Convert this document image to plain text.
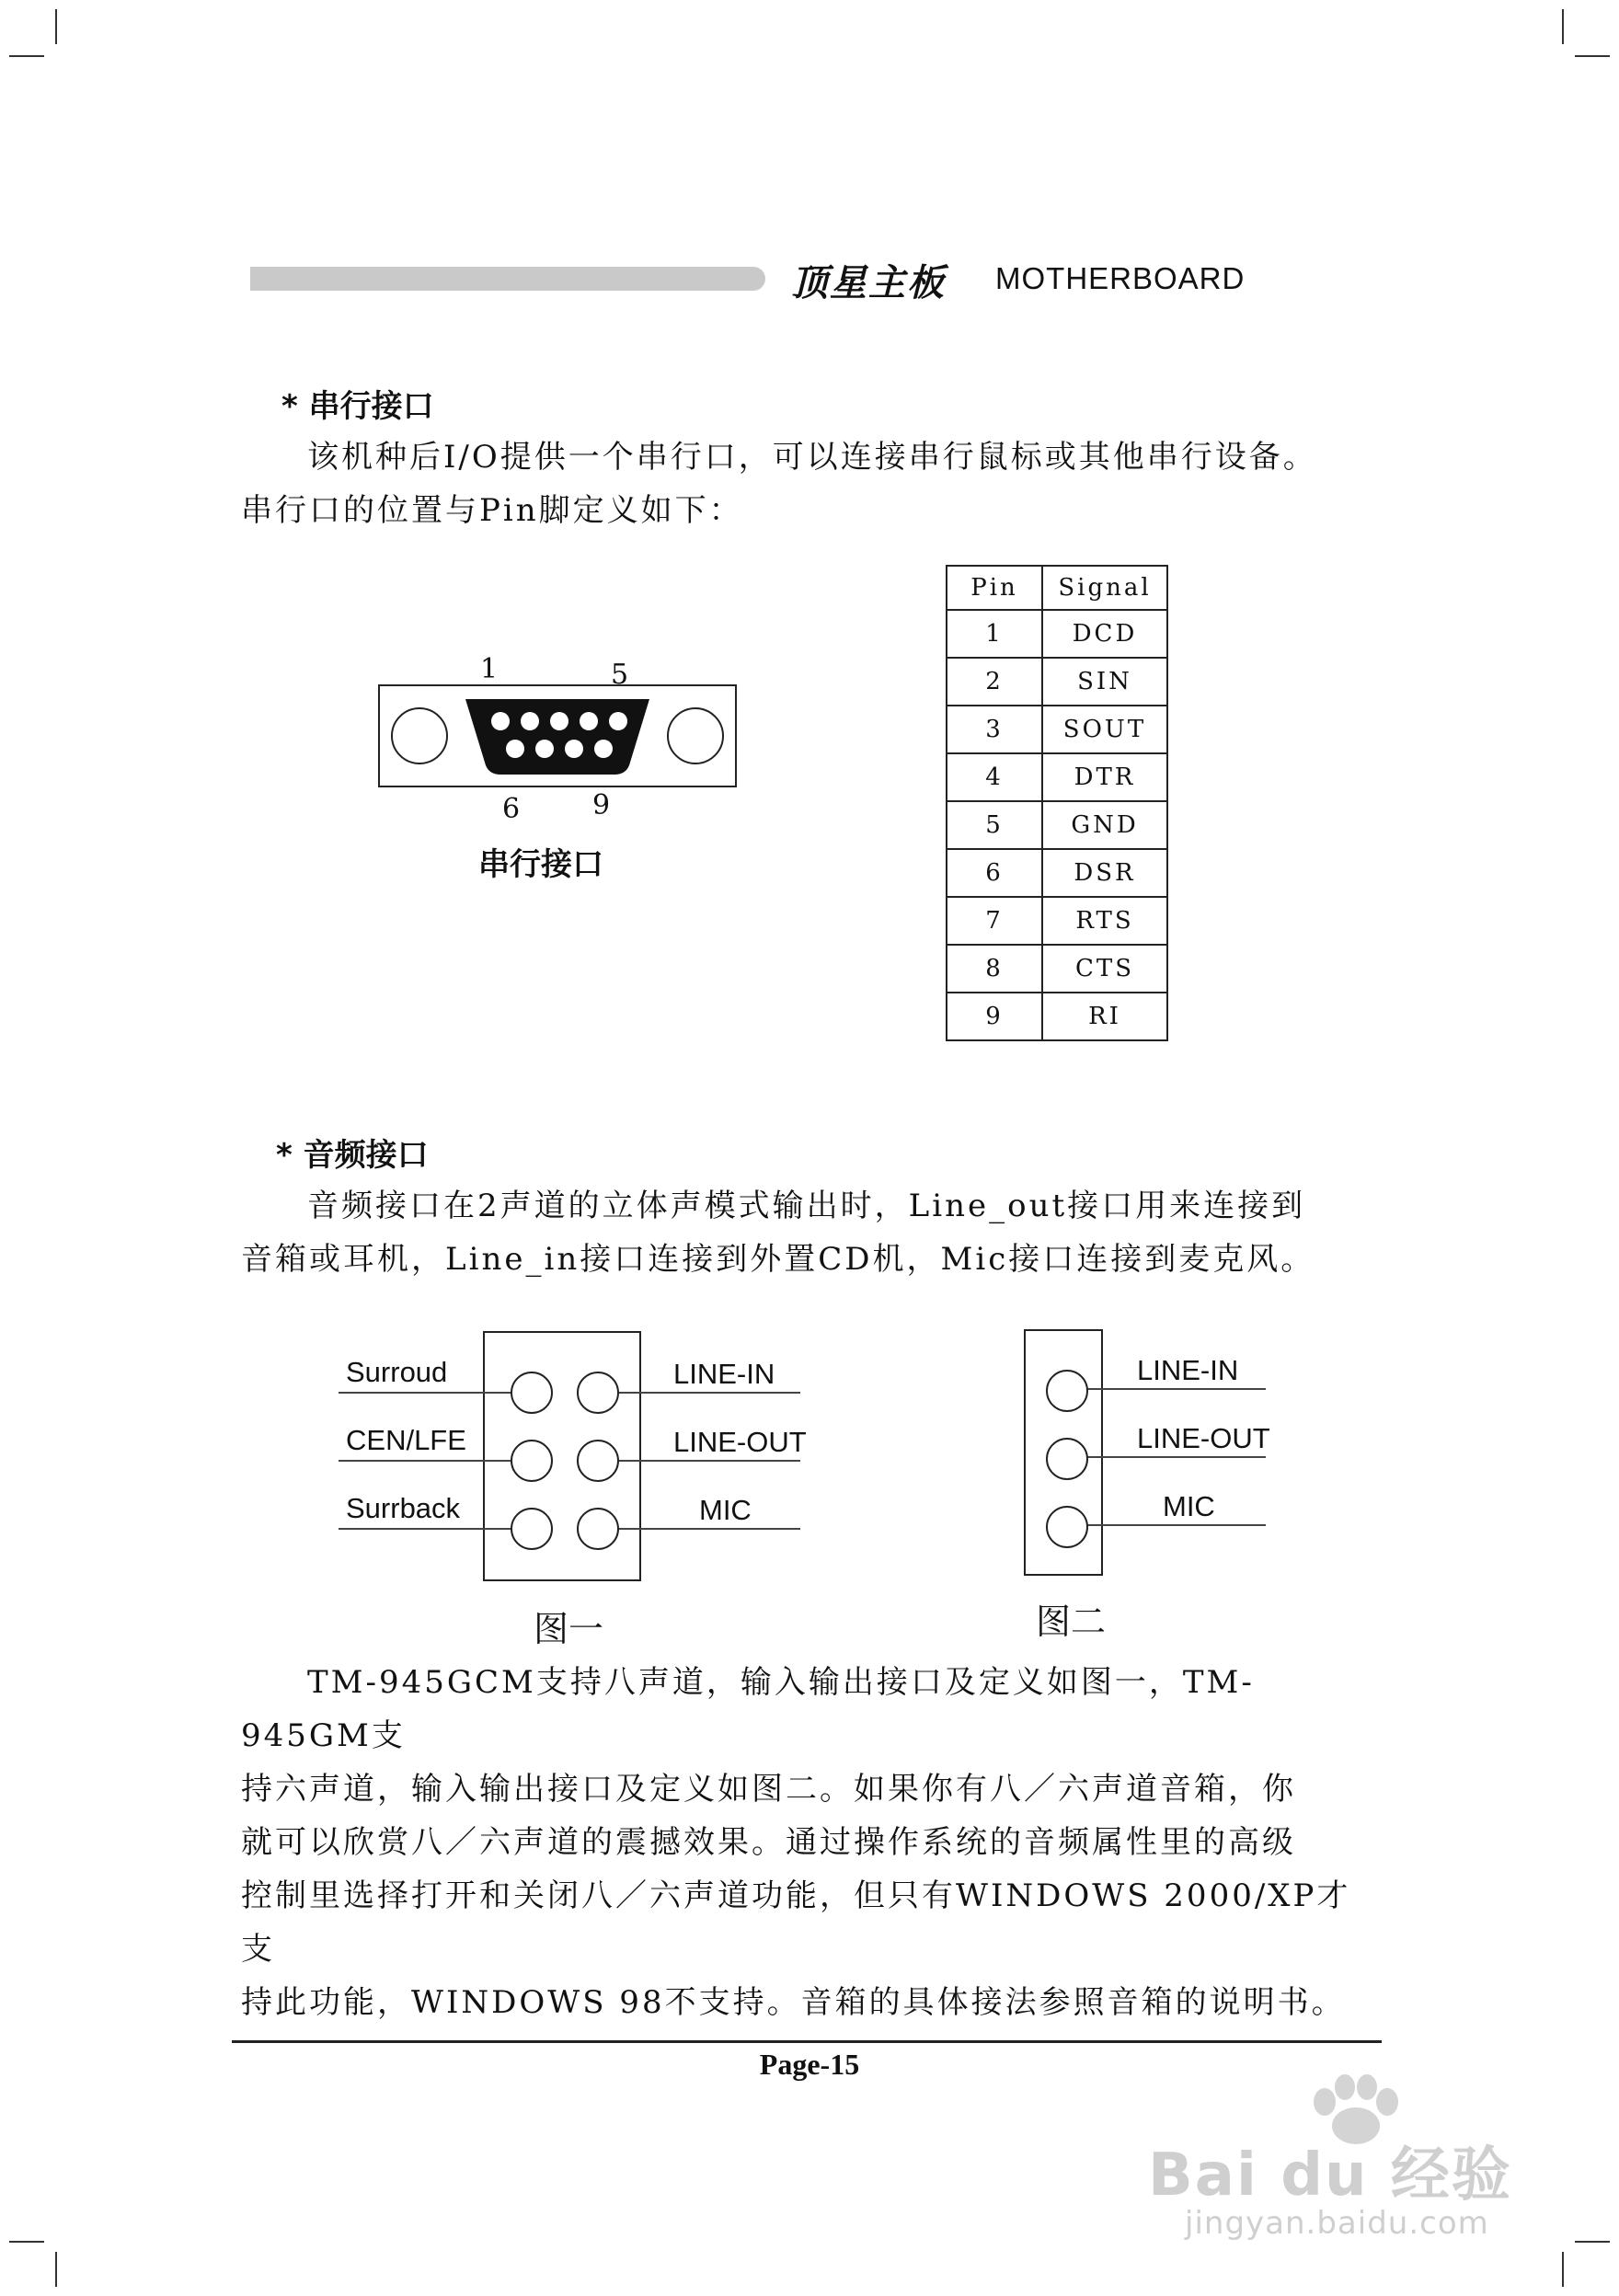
顶星主板 MOTHERBOARD
* 串行接口

该机种后I/O提供一个串行口，可以连接串行鼠标或其他串行设备。
串行口的位置与Pin脚定义如下：

1	5
6	9
串行接口
Pin	Signal
1	DCD
2	SIN
3	SOUT
4	DTR
5	GND
6	DSR
7	RTS
8	CTS
9	RI
* 音频接口

音频接口在2声道的立体声模式输出时，Line_out接口用来连接到
音箱或耳机，Line_in接口连接到外置CD机，Mic接口连接到麦克风。

Surroud
CEN/LFE
Surrback
LINE-IN
LINE-OUT
MIC
图一
LINE-IN
LINE-OUT
MIC
图二

TM-945GCM支持八声道，输入输出接口及定义如图一，TM-945GM支
持六声道，输入输出接口及定义如图二。如果你有八／六声道音箱，你
就可以欣赏八／六声道的震撼效果。通过操作系统的音频属性里的高级
控制里选择打开和关闭八／六声道功能，但只有WINDOWS 2000/XP才支
持此功能，WINDOWS 98不支持。音箱的具体接法参照音箱的说明书。

Page-15
Bai du 经验
jingyan.baidu.com
